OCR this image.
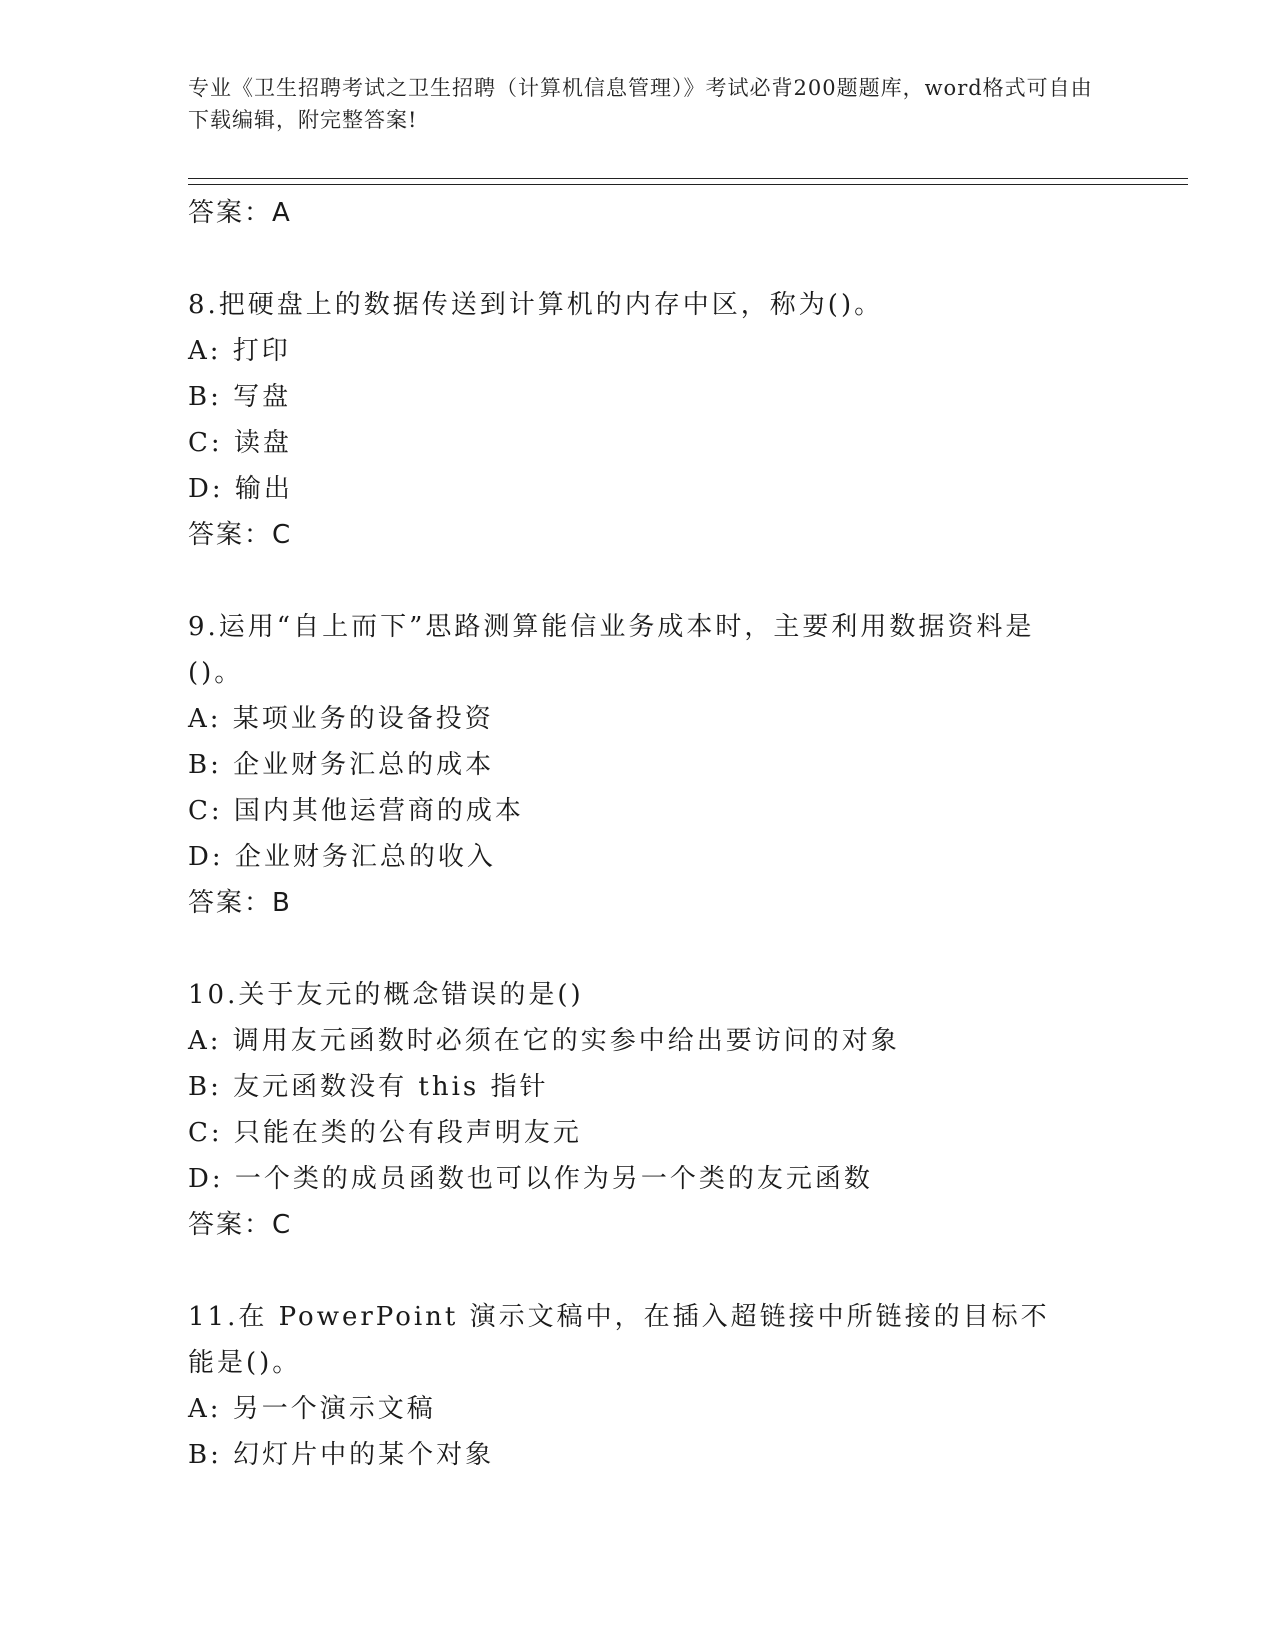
专业《卫生招聘考试之卫生招聘（计算机信息管理）》考试必背200题题库，word格式可自由下载编辑，附完整答案!

答案：A

8.把硬盘上的数据传送到计算机的内存中区，称为()。

A: 打印

B: 写盘

C: 读盘

D: 输出

答案：C

9.运用“自上而下”思路测算能信业务成本时，主要利用数据资料是()。

A: 某项业务的设备投资

B: 企业财务汇总的成本

C: 国内其他运营商的成本

D: 企业财务汇总的收入

答案：B

10.关于友元的概念错误的是()

A: 调用友元函数时必须在它的实参中给出要访问的对象

B: 友元函数没有 this 指针

C: 只能在类的公有段声明友元

D: 一个类的成员函数也可以作为另一个类的友元函数

答案：C

11.在 PowerPoint 演示文稿中，在插入超链接中所链接的目标不能是()。

A: 另一个演示文稿

B: 幻灯片中的某个对象
